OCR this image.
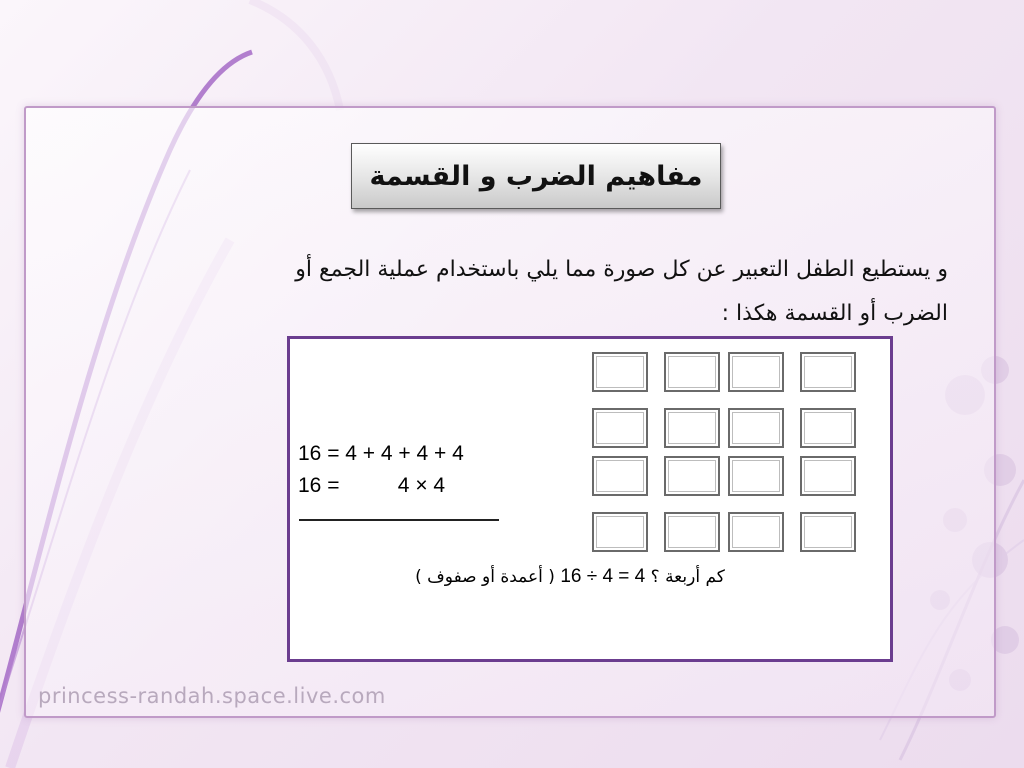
مفاهيم الضرب و القسمة
و يستطيع الطفل التعبير عن كل صورة مما يلي باستخدام عملية الجمع أو
الضرب أو القسمة هكذا :
16 = 4 + 4 + 4 + 4
16 =          4 × 4
كم أربعة ؟ 16 ÷ 4 = 4 ( أعمدة أو صفوف )
princess-randah.space.live.com
